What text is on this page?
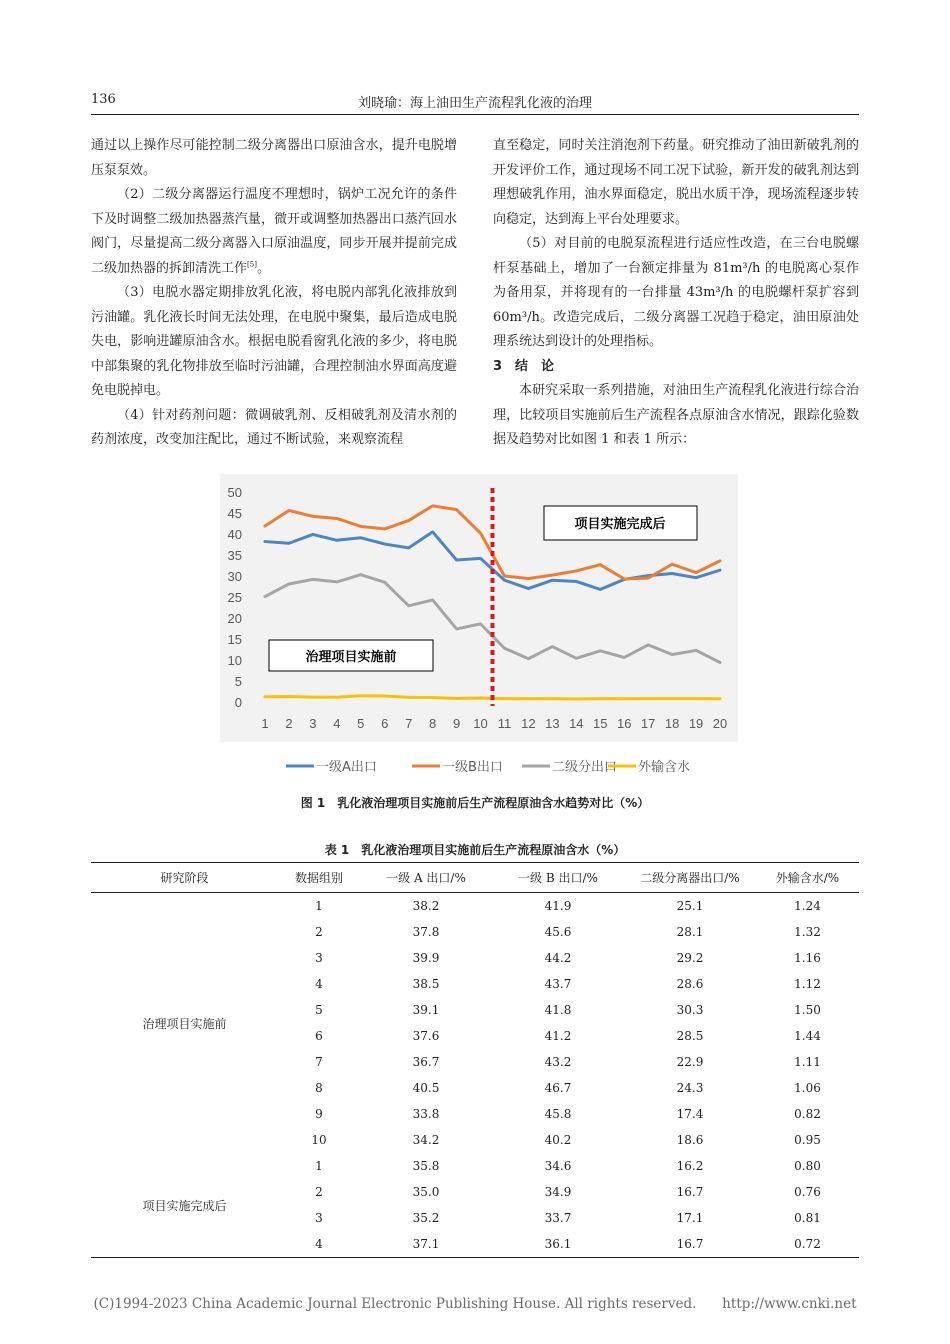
136	刘晓瑜：海上油田生产流程乳化液的治理

通过以上操作尽可能控制二级分离器出口原油含水，提升电脱增压泵泵效。

（2）二级分离器运行温度不理想时，锅炉工况允许的条件下及时调整二级加热器蒸汽量，微开或调整加热器出口蒸汽回水阀门，尽量提高二级分离器入口原油温度，同步开展并提前完成二级加热器的拆卸清洗工作[5]。

（3）电脱水器定期排放乳化液，将电脱内部乳化液排放到污油罐。乳化液长时间无法处理，在电脱中聚集，最后造成电脱失电，影响进罐原油含水。根据电脱看窗乳化液的多少，将电脱中部集聚的乳化物排放至临时污油罐，合理控制油水界面高度避免电脱掉电。

（4）针对药剂问题：微调破乳剂、反相破乳剂及清水剂的药剂浓度，改变加注配比，通过不断试验，来观察流程

直至稳定，同时关注消泡剂下药量。研究推动了油田新破乳剂的开发评价工作，通过现场不同工况下试验，新开发的破乳剂达到理想破乳作用，油水界面稳定，脱出水质干净，现场流程逐步转向稳定，达到海上平台处理要求。

（5）对目前的电脱泵流程进行适应性改造，在三台电脱螺杆泵基础上，增加了一台额定排量为 81m³/h 的电脱离心泵作为备用泵，并将现有的一台排量 43m³/h 的电脱螺杆泵扩容到 60m³/h。改造完成后，二级分离器工况趋于稳定，油田原油处理系统达到设计的处理指标。

3　结　论

本研究采取一系列措施，对油田生产流程乳化液进行综合治理，比较项目实施前后生产流程各点原油含水情况，跟踪化验数据及趋势对比如图 1 和表 1 所示：

0
5
10
15
20
25
30
35
40
45
50
1 2 3 4 5 6 7 8 9 10 11 12 13 14 15 16 17 18 19 20
项目实施完成后
治理项目实施前
一级A出口	一级B出口	二级分出口 外输含水
图 1　乳化液治理项目实施前后生产流程原油含水趋势对比（%）
表 1　乳化液治理项目实施前后生产流程原油含水（%）
研究阶段	数据组别	一级 A 出口/%	一级 B 出口/%	二级分离器出口/%	外输含水/%
治理项目实施前	1	38.2	41.9	25.1	1.24
	2	37.8	45.6	28.1	1.32
	3	39.9	44.2	29.2	1.16
	4	38.5	43.7	28.6	1.12
	5	39.1	41.8	30.3	1.50
	6	37.6	41.2	28.5	1.44
	7	36.7	43.2	22.9	1.11
	8	40.5	46.7	24.3	1.06
	9	33.8	45.8	17.4	0.82
	10	34.2	40.2	18.6	0.95
项目实施完成后	1	35.8	34.6	16.2	0.80
	2	35.0	34.9	16.7	0.76
	3	35.2	33.7	17.1	0.81
	4	37.1	36.1	16.7	0.72
(C)1994-2023 China Academic Journal Electronic Publishing House. All rights reserved. http://www.cnki.net
